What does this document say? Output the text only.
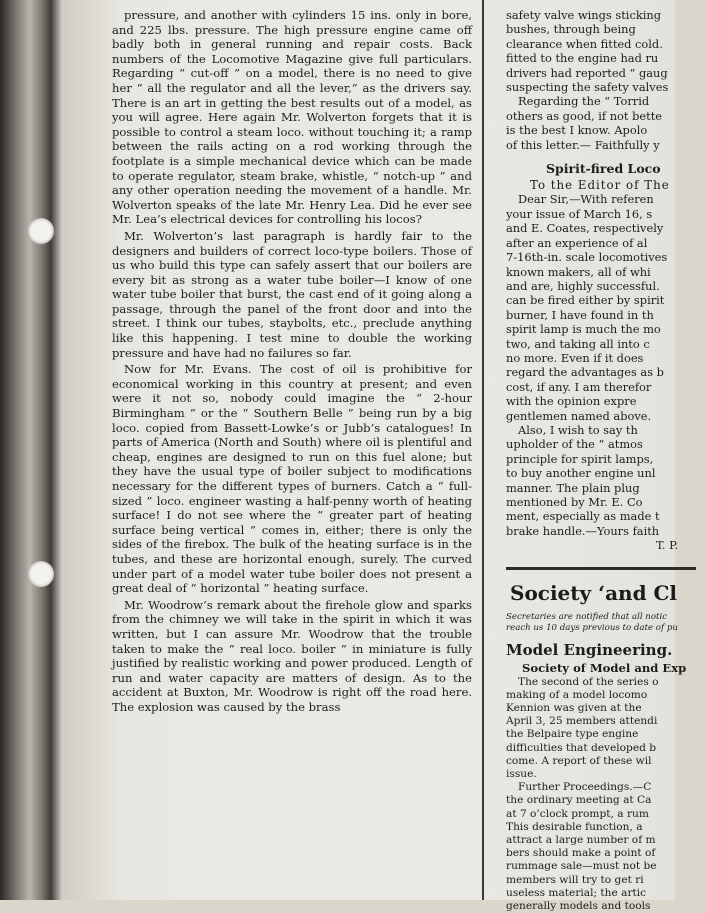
pressure, and another with cylinders 15 ins. only in bore, and 225 lbs. pressure. The high pressure engine came off badly both in general running and repair costs. Back numbers of the Locomotive Magazine give full particulars. Regarding “ cut-off ” on a model, there is no need to give her “ all the regulator and all the lever,” as the drivers say. There is an art in getting the best results out of a model, as you will agree. Here again Mr. Wolverton forgets that it is possible to control a steam loco. without touching it; a ramp between the rails acting on a rod working through the footplate is a simple mechanical device which can be made to operate regulator, steam brake, whistle, “ notch-up ” and any other operation needing the movement of a handle. Mr. Wolverton speaks of the late Mr. Henry Lea. Did he ever see Mr. Lea’s electrical devices for controlling his locos?

Mr. Wolverton’s last paragraph is hardly fair to the designers and builders of correct loco-type boilers. Those of us who build this type can safely assert that our boilers are every bit as strong as a water tube boiler—I know of one water tube boiler that burst, the cast end of it going along a passage, through the panel of the front door and into the street. I think our tubes, staybolts, etc., preclude anything like this happening. I test mine to double the working pressure and have had no failures so far.

Now for Mr. Evans. The cost of oil is prohibitive for economical working in this country at present; and even were it not so, nobody could imagine the “ 2-hour Birmingham ” or the “ Southern Belle ” being run by a big loco. copied from Bassett-Lowke’s or Jubb’s catalogues! In parts of America (North and South) where oil is plentiful and cheap, engines are designed to run on this fuel alone; but they have the usual type of boiler subject to modifications necessary for the different types of burners. Catch a “ full-sized ” loco. engineer wasting a half-penny worth of heating surface! I do not see where the “ greater part of heating surface being vertical ” comes in, either; there is only the sides of the firebox. The bulk of the heating surface is in the tubes, and these are horizontal enough, surely. The curved under part of a model water tube boiler does not present a great deal of “ horizontal ” heating surface.

Mr. Woodrow’s remark about the firehole glow and sparks from the chimney we will take in the spirit in which it was written, but I can assure Mr. Woodrow that the trouble taken to make the “ real loco. boiler ” in miniature is fully justified by realistic working and power produced. Length of run and water capacity are matters of design. As to the accident at Buxton, Mr. Woodrow is right off the road here. The explosion was caused by the brass

safety valve wings sticking
bushes, through being
clearance when fitted cold.
fitted to the engine had ru
drivers had reported “ gaug
suspecting the safety valves
Regarding the “ Torrid
others as good, if not bette
is the best I know. Apolo
of this letter.— Faithfully y
Spirit-fired Loco
To the Editor of The
Dear Sir,—With referen
your issue of March 16, s
and E. Coates, respectively
after an experience of al
7-16th-in. scale locomotives
known makers, all of whi
and are, highly successful.
can be fired either by spirit
burner, I have found in th
spirit lamp is much the mo
two, and taking all into c
no more. Even if it does
regard the advantages as b
cost, if any. I am therefor
with the opinion expre
gentlemen named above.
Also, I wish to say th
upholder of the “ atmos
principle for spirit lamps,
to buy another engine unl
manner. The plain plug
mentioned by Mr. E. Co
ment, especially as made t
brake handle.—Yours faith
T. P.
Society ‘and Cl
Secretaries are notified that all notic
reach us 10 days previous to date of pu
Model Engineering.
Society of Model and Exp
The second of the series o
making of a model locomo
Kennion was given at the
April 3, 25 members attendi
the Belpaire type engine
difficulties that developed b
come. A report of these wil
issue.
Further Proceedings.—C
the ordinary meeting at Ca
at 7 o’clock prompt, a rum
This desirable function, a
attract a large number of m
bers should make a point of
rummage sale—must not be
members will try to get ri
useless material; the artic
generally models and tools
